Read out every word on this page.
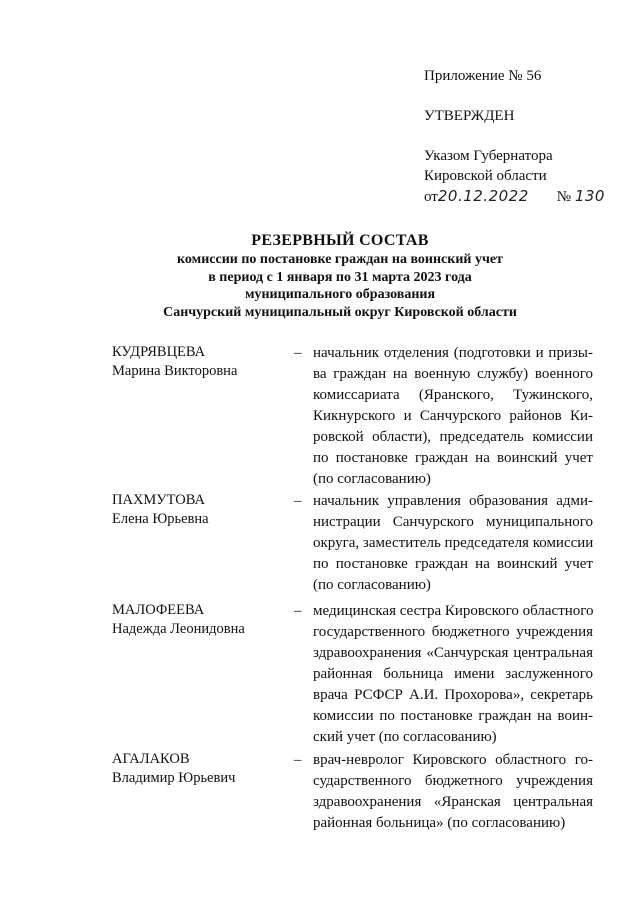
Приложение № 56
УТВЕРЖДЕН
Указом Губернатора
Кировской области
от20.12.2022 № 130
РЕЗЕРВНЫЙ СОСТАВ
комиссии по постановке граждан на воинский учет
в период с 1 января по 31 марта 2023 года
муниципального образования
Санчурский муниципальный округ Кировской области
КУДРЯВЦЕВА
Марина Викторовна
– начальник отделения (подготовки и призы-
ва граждан на военную службу) военного
комиссариата (Яранского, Тужинского,
Кикнурского и Санчурского районов Ки-
ровской области), председатель комиссии
по постановке граждан на воинский учет
(по согласованию)
ПАХМУТОВА
Елена Юрьевна
– начальник управления образования адми-
нистрации Санчурского муниципального
округа, заместитель председателя комиссии
по постановке граждан на воинский учет
(по согласованию)
МАЛОФЕЕВА
Надежда Леонидовна
– медицинская сестра Кировского областного
государственного бюджетного учреждения
здравоохранения «Санчурская центральная
районная больница имени заслуженного
врача РСФСР А.И. Прохорова», секретарь
комиссии по постановке граждан на воин-
ский учет (по согласованию)
АГАЛАКОВ
Владимир Юрьевич
– врач-невролог Кировского областного го-
сударственного бюджетного учреждения
здравоохранения «Яранская центральная
районная больница» (по согласованию)
